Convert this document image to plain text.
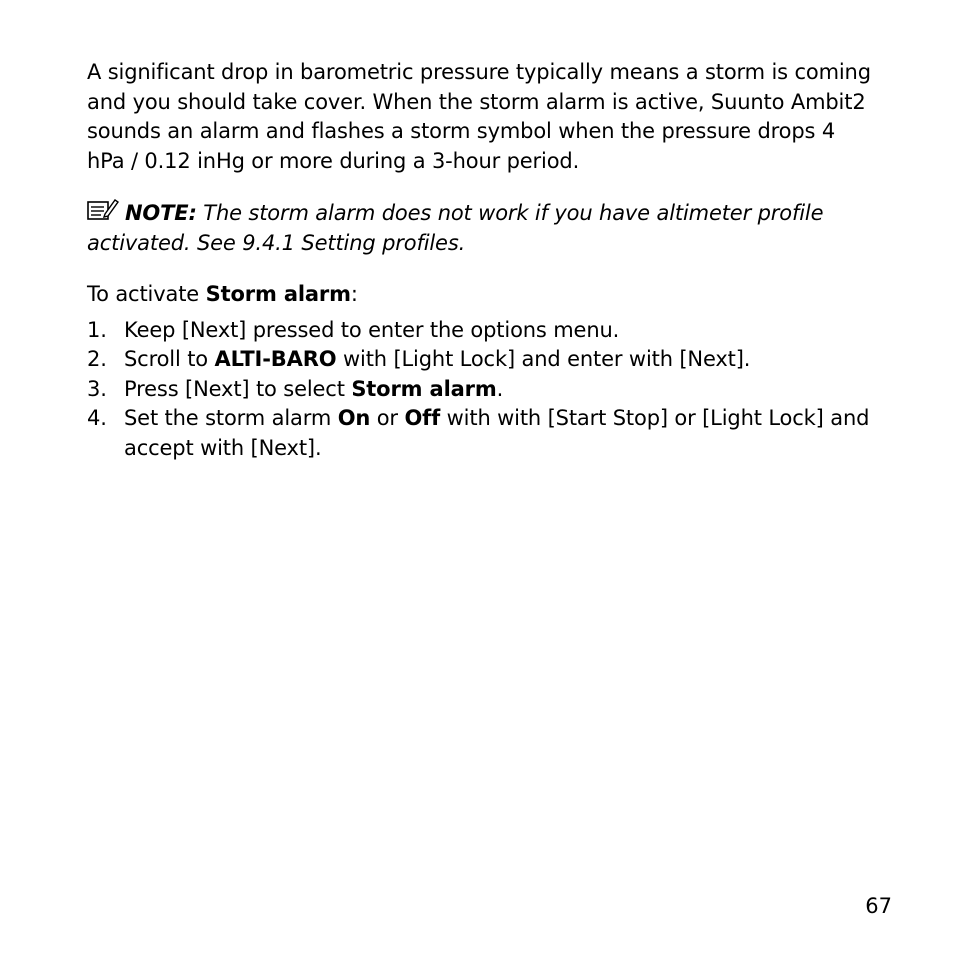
A significant drop in barometric pressure typically means a storm is coming and you should take cover. When the storm alarm is active, Suunto Ambit2 sounds an alarm and flashes a storm symbol when the pressure drops 4 hPa / 0.12 inHg or more during a 3-hour period.

NOTE: The storm alarm does not work if you have altimeter profile activated. See 9.4.1 Setting profiles.

To activate Storm alarm:

1. Keep [Next] pressed to enter the options menu.
2. Scroll to ALTI-BARO with [Light Lock] and enter with [Next].
3. Press [Next] to select Storm alarm.
4. Set the storm alarm On or Off with with [Start Stop] or [Light Lock] and accept with [Next].
67
